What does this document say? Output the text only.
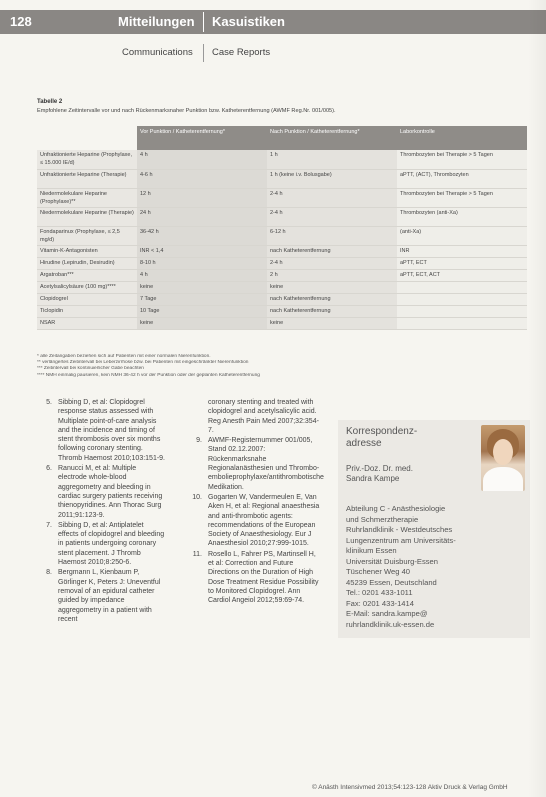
128	Mitteilungen Kasuistiken
Communications Case Reports
Tabelle 2
Empfohlene Zeitintervalle vor und nach Rückenmarksnaher Punktion bzw. Katheterentfernung (AWMF Reg.Nr. 001/005).
	Vor Punktion / Katheterentfernung*	Nach Punktion / Katheterentfernung*	Laborkontrolle
Unfraktionierte Heparine (Prophylaxe, ≤ 15.000 IE/d)	4 h	1 h	Thrombozyten bei Therapie > 5 Tagen
Unfraktionierte Heparine (Therapie)	4-6 h	1 h (keine i.v. Bolusgabe)	aPTT, (ACT), Thrombozyten
Niedermolekulare Heparine (Prophylaxe)**	12 h	2-4 h	Thrombozyten bei Therapie > 5 Tagen
Niedermolekulare Heparine (Therapie)	24 h	2-4 h	Thrombozyten (anti-Xa)
Fondaparinux (Prophylaxe, ≤ 2,5 mg/d)	36-42 h	6-12 h	(anti-Xa)
Vitamin-K-Antagonisten	INR < 1,4	nach Katheterentfernung	INR
Hirudine (Lepirudin, Desirudin)	8-10 h	2-4 h	aPTT, ECT
Argatroban***	4 h	2 h	aPTT, ECT, ACT
Acetylsalicylsäure (100 mg)****	keine	keine	
Clopidogrel	7 Tage	nach Katheterentfernung	
Ticlopidin	10 Tage	nach Katheterentfernung	
NSAR	keine	keine	
* alle Zeitangaben beziehen sich auf Patienten mit einer normalen Nierenfunktion.
** verlängertes Zeitintervall bei Leberzirrhose bzw. bei Patienten mit eingeschränkter Nierenfunktion
*** Zeitintervall bei kontinuierlicher Gabe beachten
**** NMH einmalig pausieren, kein NMH 36-42 h vor der Punktion oder der geplanten Katheterentfernung
5. Sibbing D, et al: Clopidogrel response status assessed with Multiplate point-of-care analysis and the incidence and timing of stent thrombosis over six months following coronary stenting. Thromb Haemost 2010;103:151-9.
6. Ranucci M, et al: Multiple electrode whole-blood aggregometry and bleeding in cardiac surgery patients receiving thienopyridines. Ann Thorac Surg 2011;91:123-9.
7. Sibbing D, et al: Antiplatelet effects of clopidogrel and bleeding in patients undergoing coronary stent placement. J Thromb Haemost 2010;8:250-6.
8. Bergmann L, Kienbaum P, Görlinger K, Peters J: Uneventful removal of an epidural catheter guided by impedance aggregometry in a patient with recent
coronary stenting and treated with clopidogrel and acetylsalicylic acid. Reg Anesth Pain Med 2007;32:354-7.
9. AWMF-Registernummer 001/005, Stand 02.12.2007: Rückenmarksnahe Regionalanästhesien und Thrombo-embolieprophylaxe/antithrombotische Medikation.
10. Gogarten W, Vandermeulen E, Van Aken H, et al: Regional anaesthesia and anti-thrombotic agents: recommendations of the European Society of Anaesthesiology. Eur J Anaesthesiol 2010;27:999-1015.
11. Rosello L, Fahrer PS, Martinsell H, et al: Correction and Future Directions on the Duration of High Dose Treatment Residue Possibility to Monitored Clopidogrel. Ann Cardiol Angeiol 2012;59:69-74.
Korrespondenz-
adresse
Priv.-Doz. Dr. med.
Sandra Kampe
Abteilung C - Anästhesiologie
und Schmerztherapie
Ruhrlandklinik - Westdeutsches
Lungenzentrum am Universitäts-
klinikum Essen
Universität Duisburg-Essen
Tüschener Weg 40
45239 Essen, Deutschland
Tel.: 0201 433-1011
Fax: 0201 433-1414
E-Mail: sandra.kampe@
ruhrlandklinik.uk-essen.de
© Anästh Intensivmed 2013;54:123-128 Aktiv Druck & Verlag GmbH
